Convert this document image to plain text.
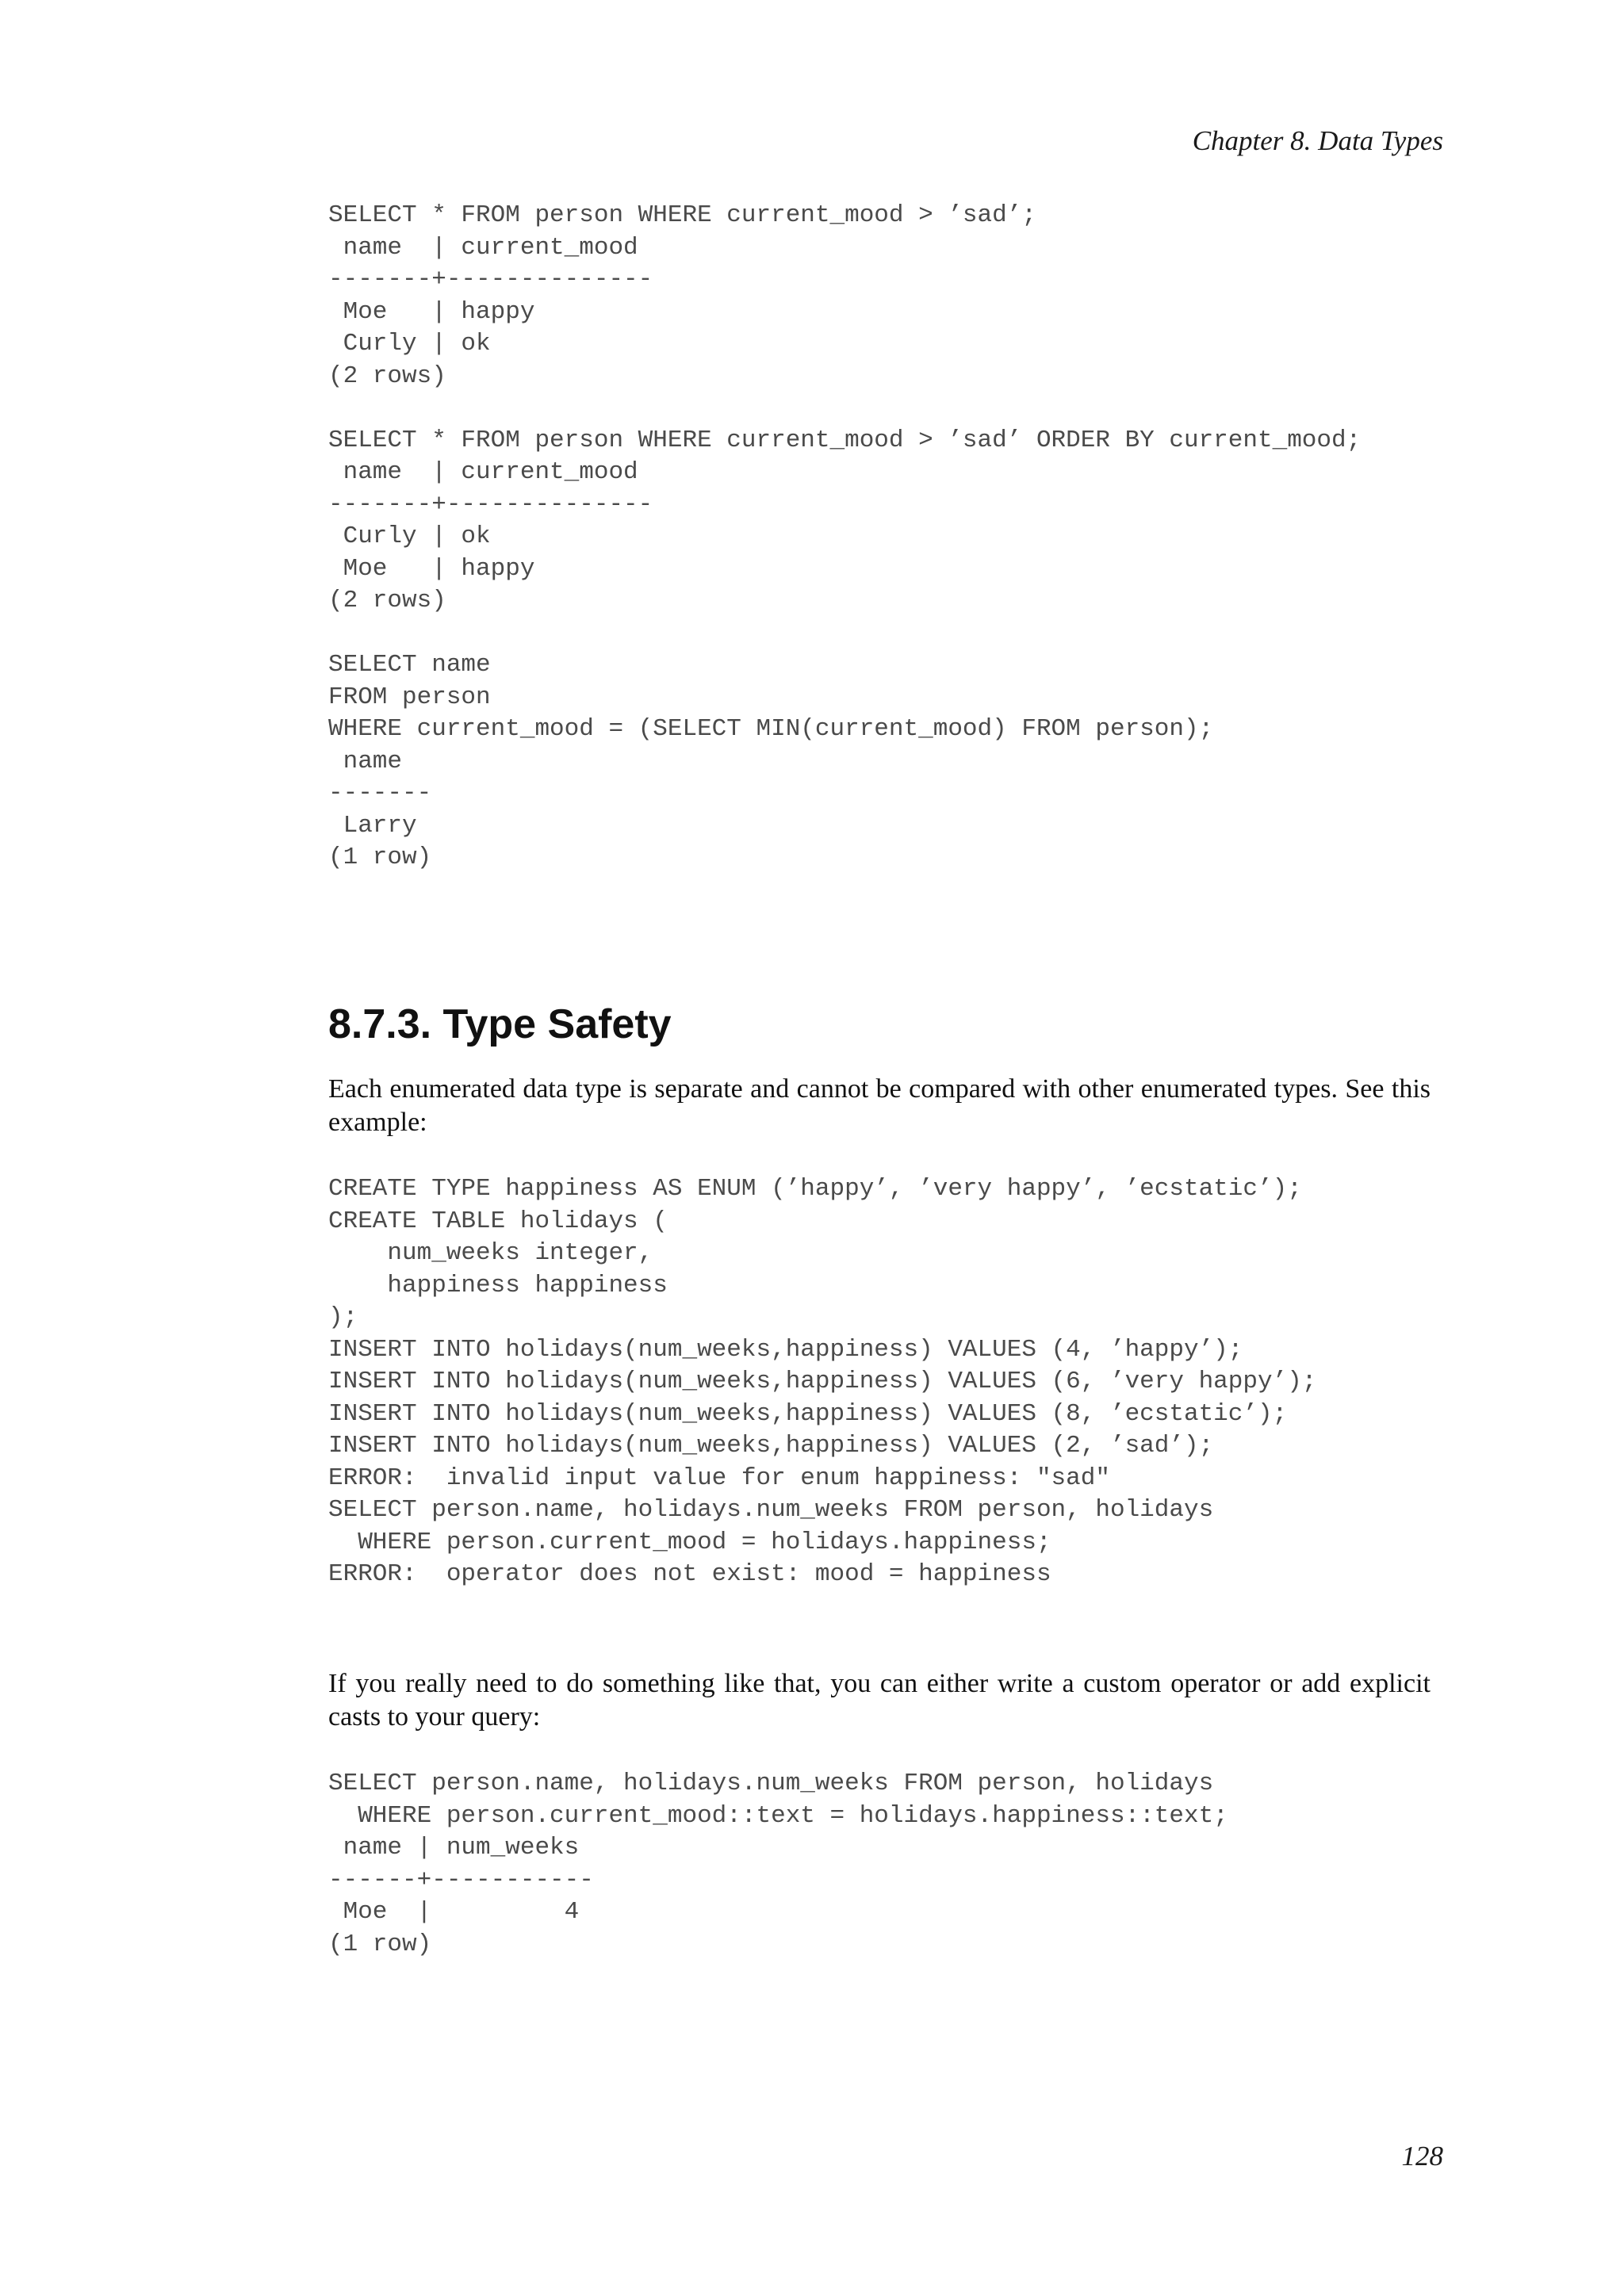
Chapter 8. Data Types
SELECT * FROM person WHERE current_mood > ’sad’;
name  | current_mood
-------+--------------
Moe   | happy
Curly | ok
(2 rows)
SELECT * FROM person WHERE current_mood > ’sad’ ORDER BY current_mood;
name  | current_mood
-------+--------------
Curly | ok
Moe   | happy
(2 rows)
SELECT name
FROM person
WHERE current_mood = (SELECT MIN(current_mood) FROM person);
name
-------
Larry
(1 row)
8.7.3. Type Safety

Each enumerated data type is separate and cannot be compared with other enumerated types. See this example:

CREATE TYPE happiness AS ENUM (’happy’, ’very happy’, ’ecstatic’);
CREATE TABLE holidays (
num_weeks integer,
happiness happiness
);
INSERT INTO holidays(num_weeks,happiness) VALUES (4, ’happy’);
INSERT INTO holidays(num_weeks,happiness) VALUES (6, ’very happy’);
INSERT INTO holidays(num_weeks,happiness) VALUES (8, ’ecstatic’);
INSERT INTO holidays(num_weeks,happiness) VALUES (2, ’sad’);
ERROR:  invalid input value for enum happiness: "sad"
SELECT person.name, holidays.num_weeks FROM person, holidays
WHERE person.current_mood = holidays.happiness;
ERROR:  operator does not exist: mood = happiness

If you really need to do something like that, you can either write a custom operator or add explicit casts to your query:

SELECT person.name, holidays.num_weeks FROM person, holidays
WHERE person.current_mood::text = holidays.happiness::text;
name | num_weeks
------+-----------
Moe  |         4
(1 row)
128
